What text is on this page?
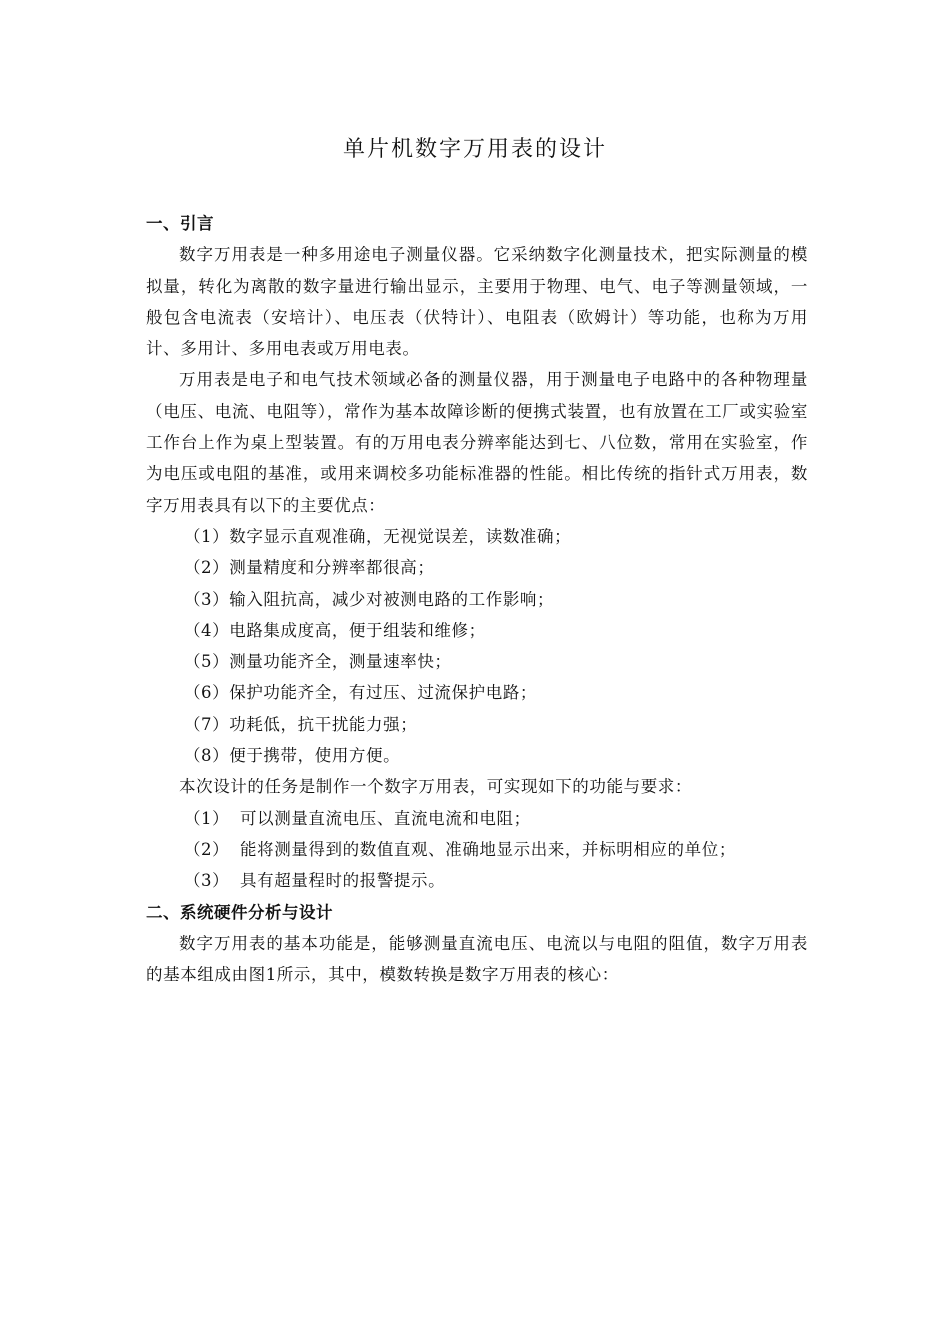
单片机数字万用表的设计

一、引言

数字万用表是一种多用途电子测量仪器。它采纳数字化测量技术，把实际测量的模拟量，转化为离散的数字量进行输出显示，主要用于物理、电气、电子等测量领域，一般包含电流表（安培计）、电压表（伏特计）、电阻表（欧姆计）等功能，也称为万用计、多用计、多用电表或万用电表。

万用表是电子和电气技术领域必备的测量仪器，用于测量电子电路中的各种物理量（电压、电流、电阻等），常作为基本故障诊断的便携式装置，也有放置在工厂或实验室工作台上作为桌上型装置。有的万用电表分辨率能达到七、八位数，常用在实验室，作为电压或电阻的基准，或用来调校多功能标准器的性能。相比传统的指针式万用表，数字万用表具有以下的主要优点：

（1）数字显示直观准确，无视觉误差，读数准确；

（2）测量精度和分辨率都很高；

（3）输入阻抗高，减少对被测电路的工作影响；

（4）电路集成度高，便于组装和维修；

（5）测量功能齐全，测量速率快；

（6）保护功能齐全，有过压、过流保护电路；

（7）功耗低，抗干扰能力强；

（8）便于携带，使用方便。

本次设计的任务是制作一个数字万用表，可实现如下的功能与要求：

（1） 可以测量直流电压、直流电流和电阻；

（2） 能将测量得到的数值直观、准确地显示出来，并标明相应的单位；

（3） 具有超量程时的报警提示。

二、系统硬件分析与设计

数字万用表的基本功能是，能够测量直流电压、电流以与电阻的阻值，数字万用表的基本组成由图1所示，其中，模数转换是数字万用表的核心：
